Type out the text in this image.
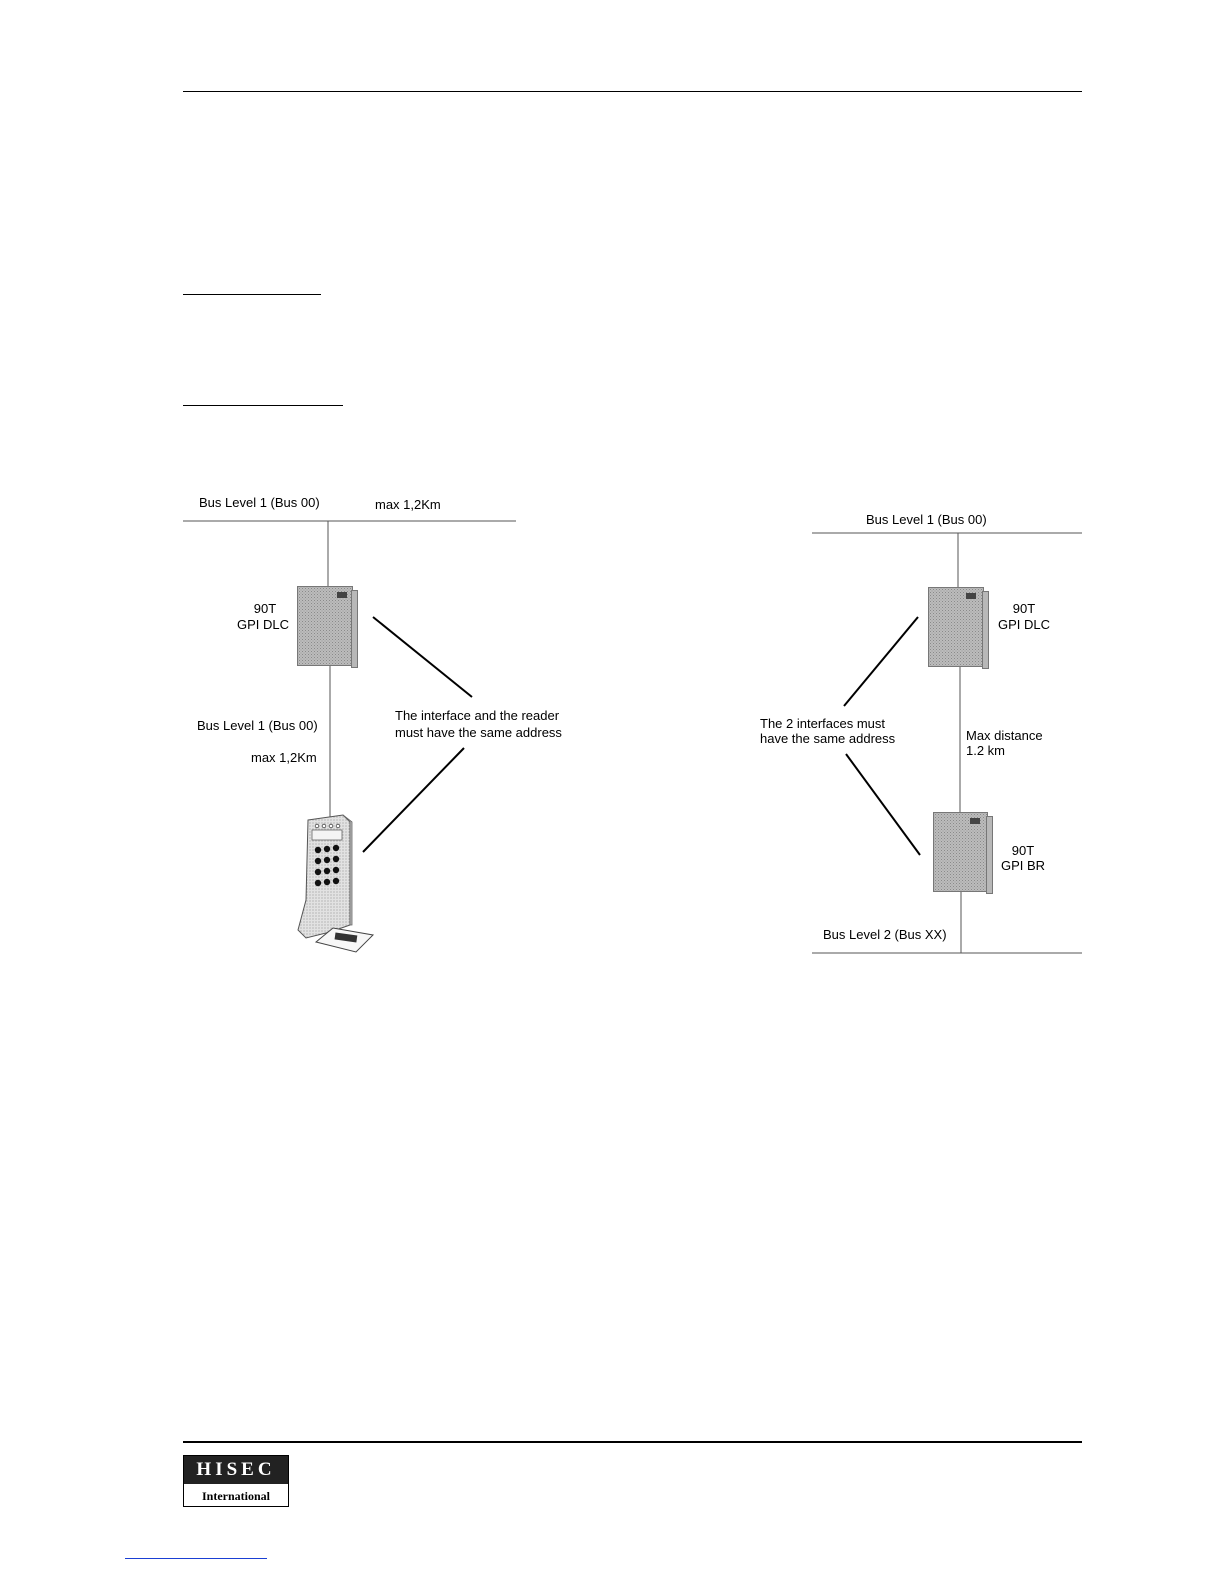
Bus Level 1 (Bus 00)	max 1,2Km
90T
GPI DLC
Bus Level 1 (Bus 00)
max 1,2Km
The interface and the reader
must have the same address
Bus Level 1 (Bus 00)
90T
GPI DLC
The 2 interfaces must
have the same address	Max distance
1.2 km
90T
GPI BR
Bus Level 2 (Bus XX)
HISEC
International
